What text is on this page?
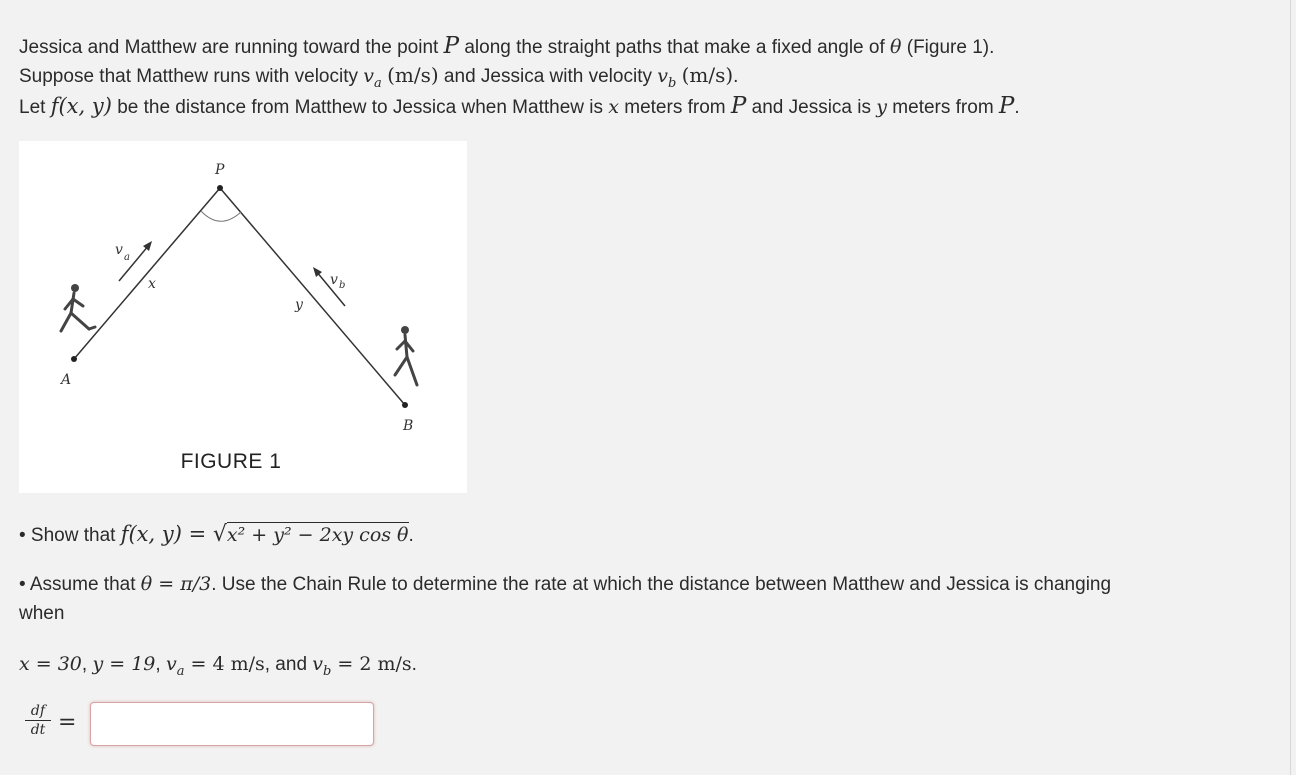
Jessica and Matthew are running toward the point P along the straight paths that make a fixed angle of θ (Figure 1).
Suppose that Matthew runs with velocity $v_a$ (m/s) and Jessica with velocity $v_b$ (m/s).
Let f(x, y) be the distance from Matthew to Jessica when Matthew is x meters from P and Jessica is y meters from P.
P
A
B
x
y
v a
v b
FIGURE 1
• Show that f(x, y) = √x² + y² − 2xy cos θ.
• Assume that θ = π/3. Use the Chain Rule to determine the rate at which the distance between Matthew and Jessica is changing
when
x = 30, y = 19, $v_a = 4$ m/s, and $v_b = 2$ m/s.
$\frac{df}{dt}$ =
